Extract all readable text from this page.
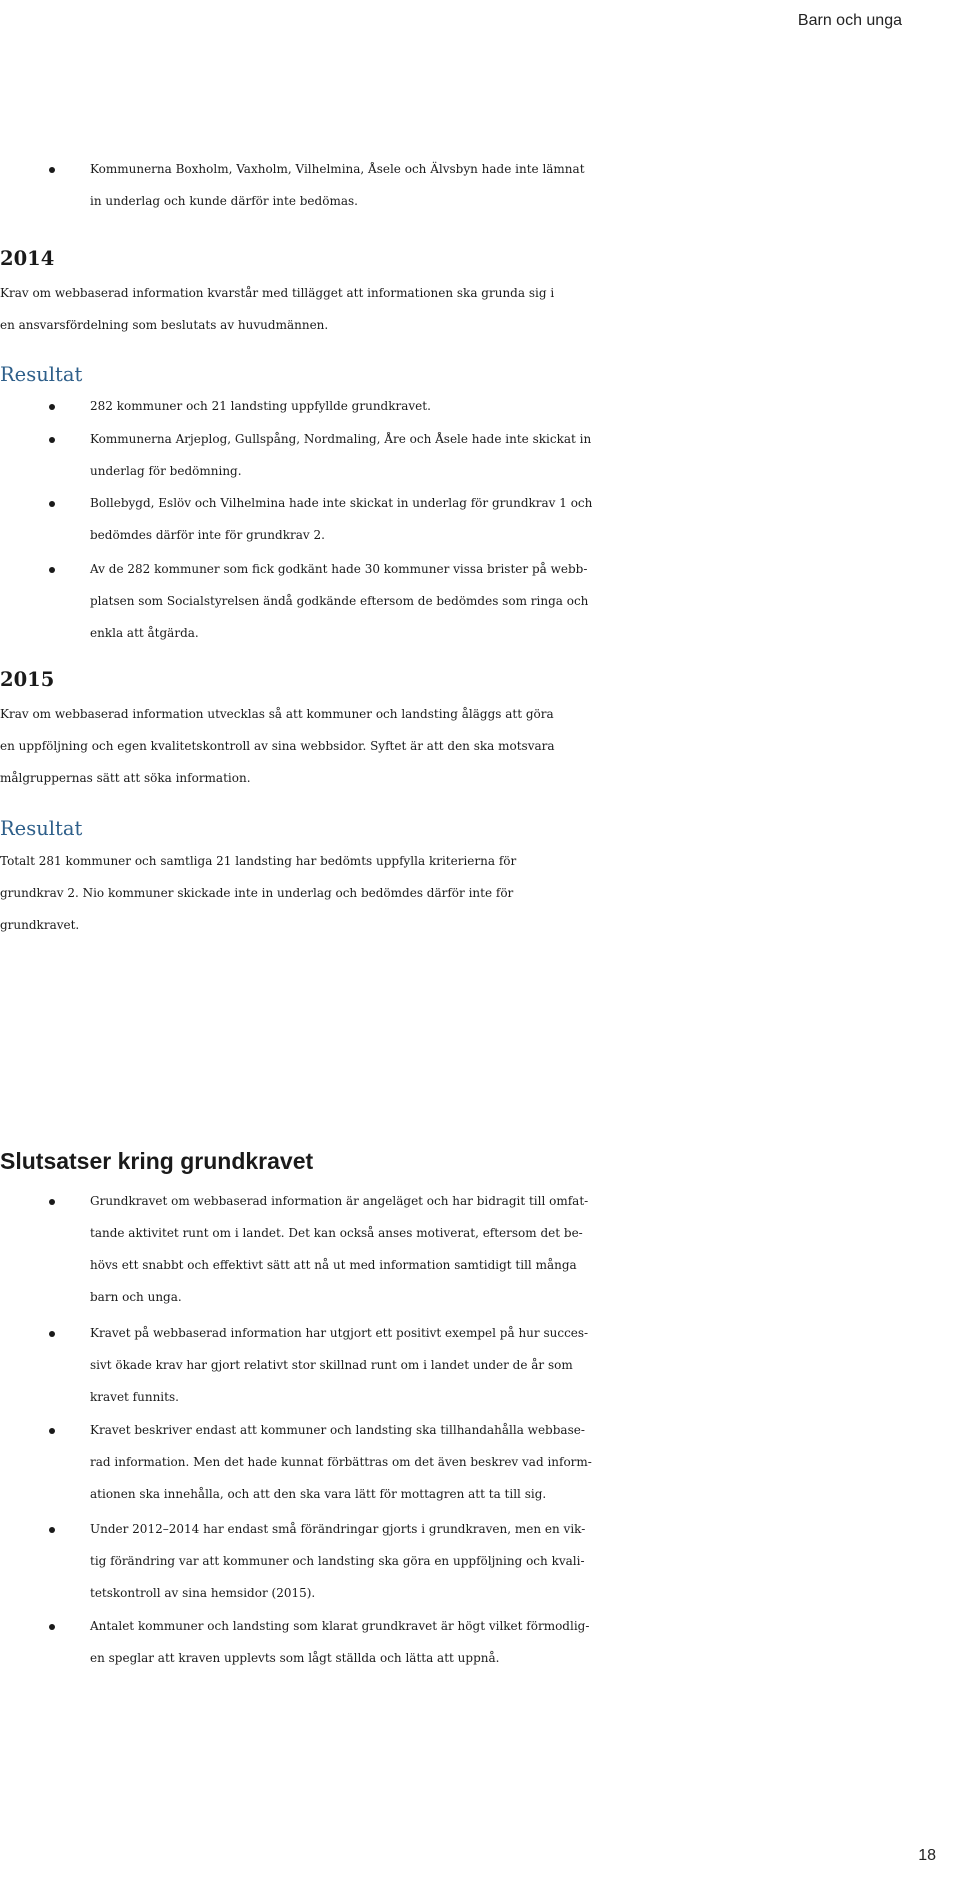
Barn och unga
Kommunerna Boxholm, Vaxholm, Vilhelmina, Åsele och Älvsbyn hade inte lämnat
in underlag och kunde därför inte bedömas.
2014
Krav om webbaserad information kvarstår med tillägget att informationen ska grunda sig i
en ansvarsfördelning som beslutats av huvudmännen.
Resultat
282 kommuner och 21 landsting uppfyllde grundkravet.
Kommunerna Arjeplog, Gullspång, Nordmaling, Åre och Åsele hade inte skickat in
underlag för bedömning.
Bollebygd, Eslöv och Vilhelmina hade inte skickat in underlag för grundkrav 1 och
bedömdes därför inte för grundkrav 2.
Av de 282 kommuner som fick godkänt hade 30 kommuner vissa brister på webb-
platsen som Socialstyrelsen ändå godkände eftersom de bedömdes som ringa och
enkla att åtgärda.
2015
Krav om webbaserad information utvecklas så att kommuner och landsting åläggs att göra
en uppföljning och egen kvalitetskontroll av sina webbsidor. Syftet är att den ska motsvara
målgruppernas sätt att söka information.
Resultat
Totalt 281 kommuner och samtliga 21 landsting har bedömts uppfylla kriterierna för
grundkrav 2. Nio kommuner skickade inte in underlag och bedömdes därför inte för
grundkravet.
Slutsatser kring grundkravet
Grundkravet om webbaserad information är angeläget och har bidragit till omfat-
tande aktivitet runt om i landet. Det kan också anses motiverat, eftersom det be-
hövs ett snabbt och effektivt sätt att nå ut med information samtidigt till många
barn och unga.
Kravet på webbaserad information har utgjort ett positivt exempel på hur succes-
sivt ökade krav har gjort relativt stor skillnad runt om i landet under de år som
kravet funnits.
Kravet beskriver endast att kommuner och landsting ska tillhandahålla webbase-
rad information. Men det hade kunnat förbättras om det även beskrev vad inform-
ationen ska innehålla, och att den ska vara lätt för mottagren att ta till sig.
Under 2012–2014 har endast små förändringar gjorts i grundkraven, men en vik-
tig förändring var att kommuner och landsting ska göra en uppföljning och kvali-
tetskontroll av sina hemsidor (2015).
Antalet kommuner och landsting som klarat grundkravet är högt vilket förmodlig-
en speglar att kraven upplevts som lågt ställda och lätta att uppnå.
18
